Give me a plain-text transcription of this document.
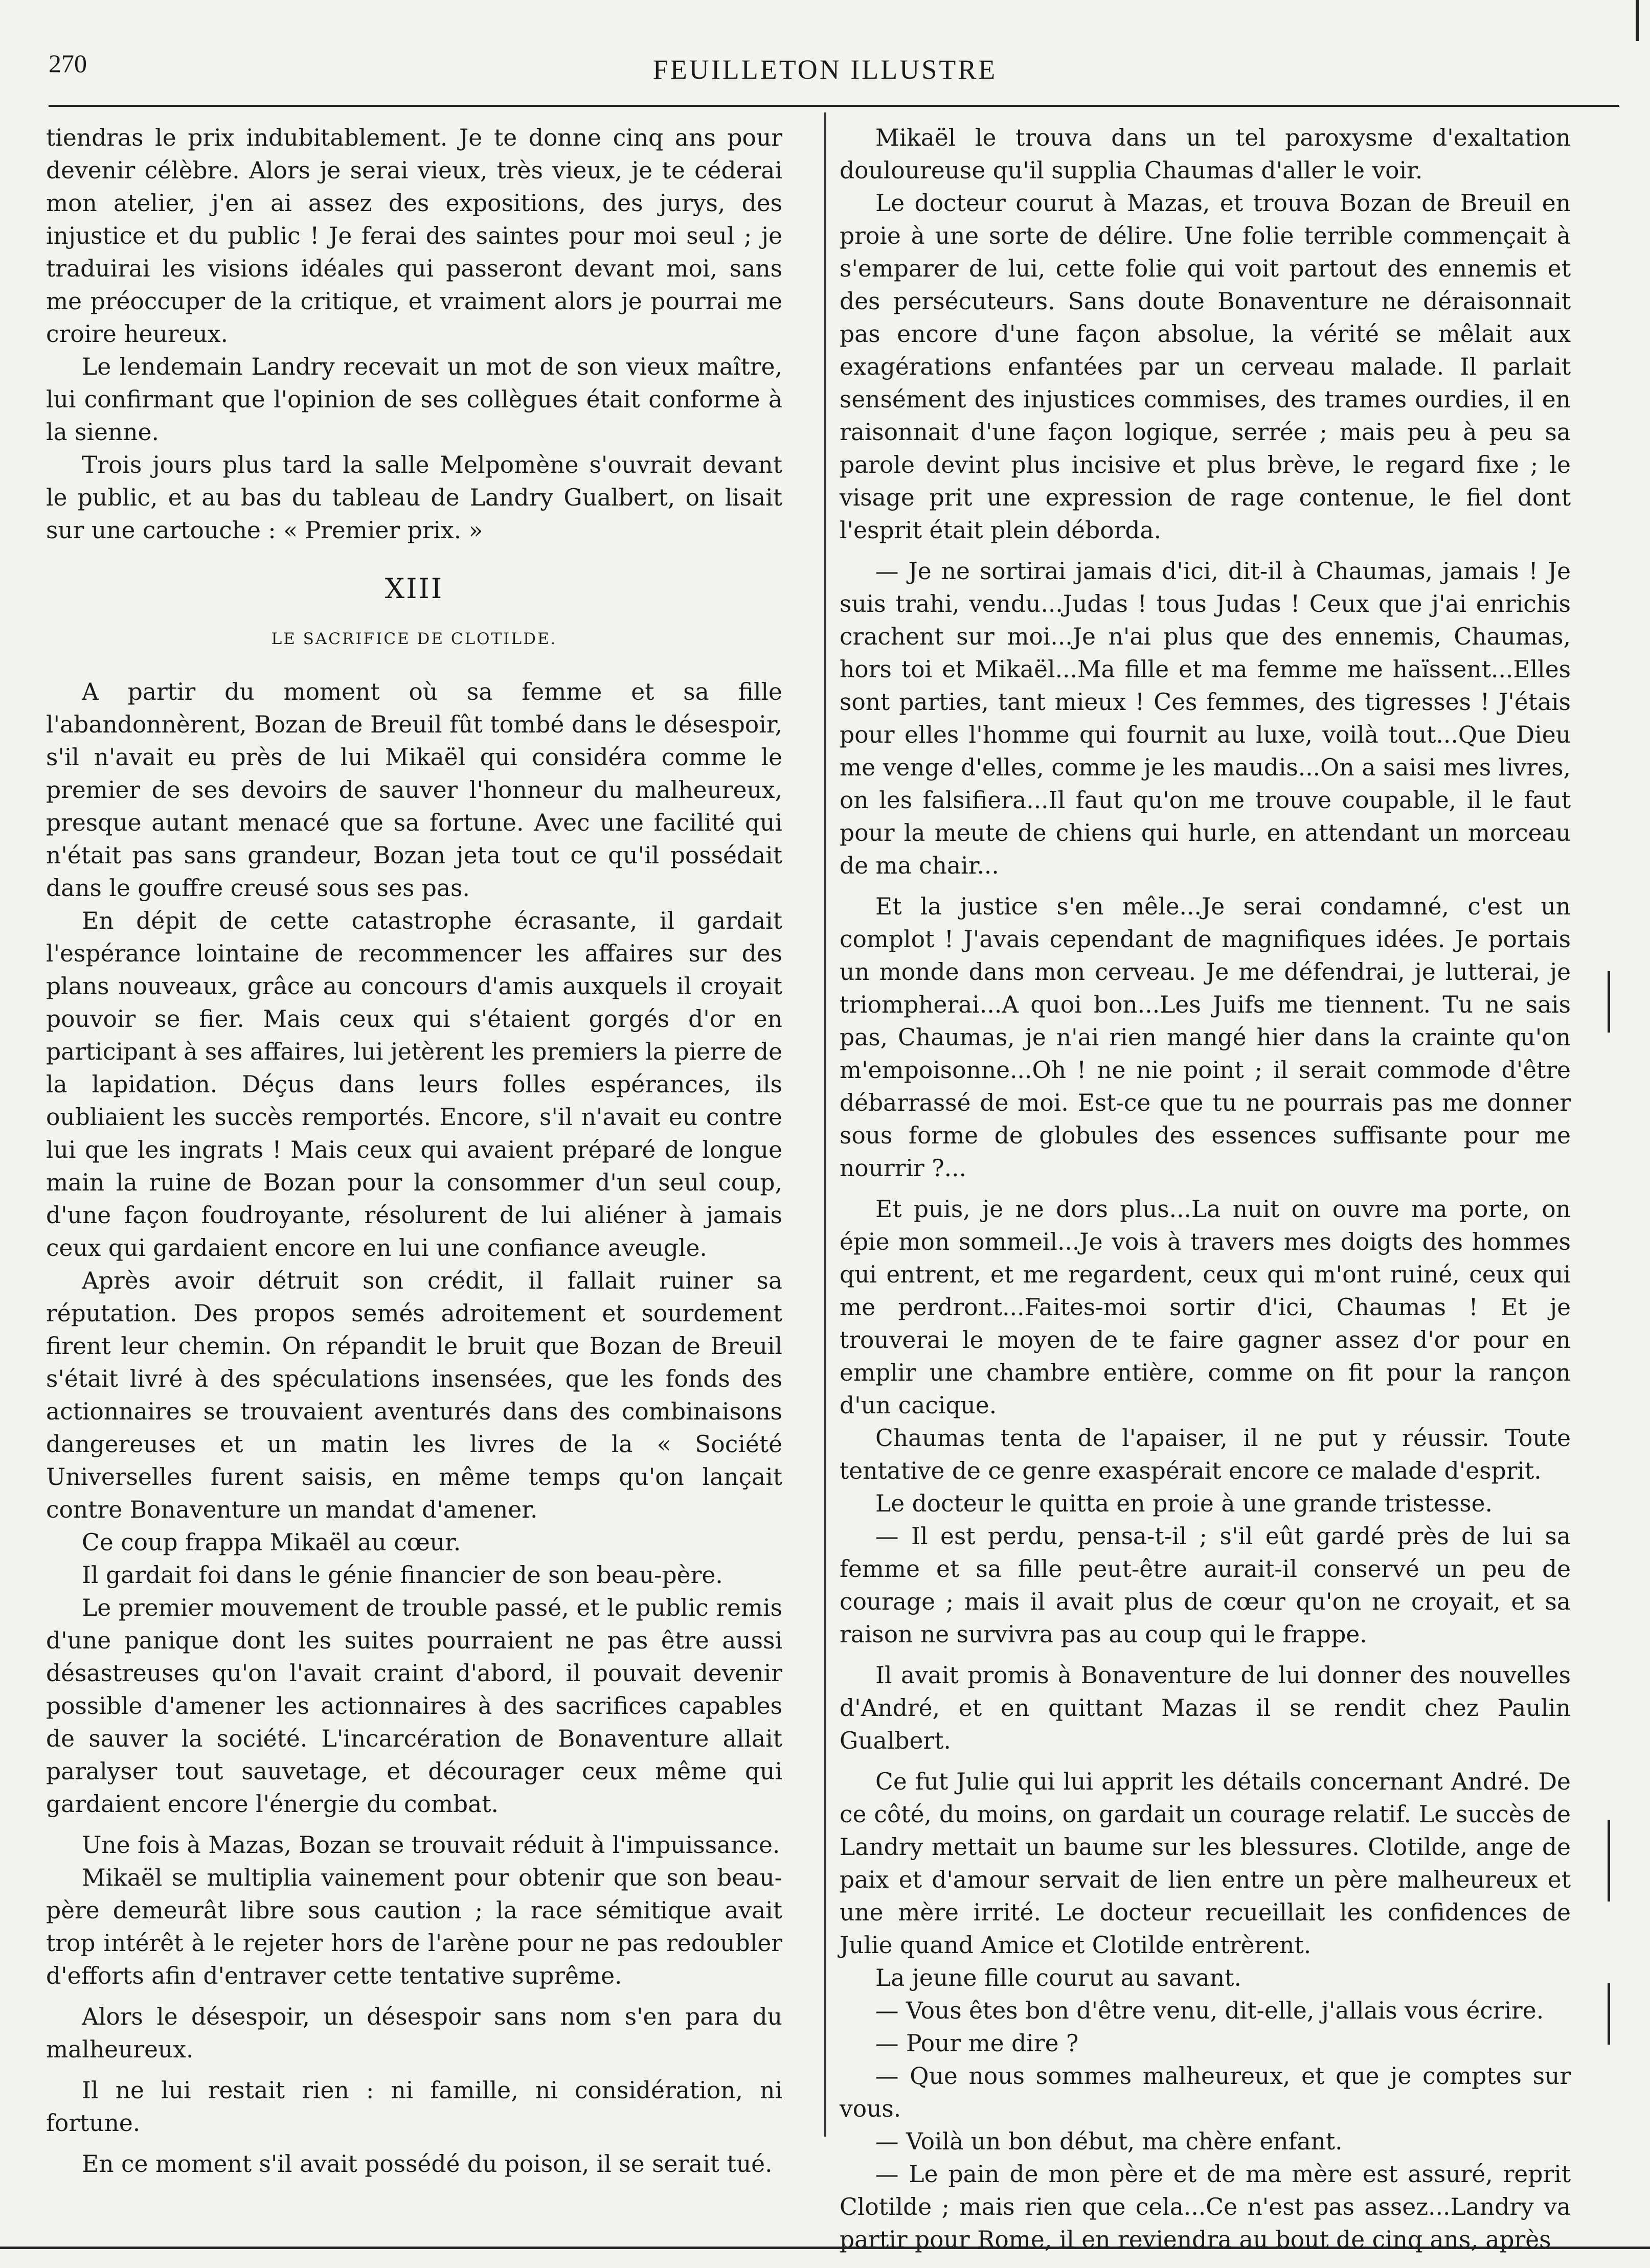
270	FEUILLETON ILLUSTRE

tiendras le prix indubitablement. Je te donne cinq ans pour devenir célèbre. Alors je serai vieux, très vieux, je te céderai mon atelier, j'en ai assez des expositions, des jurys, des injustice et du public ! Je ferai des saintes pour moi seul ; je traduirai les visions idéales qui passeront devant moi, sans me préoccuper de la critique, et vraiment alors je pourrai me croire heureux.

Le lendemain Landry recevait un mot de son vieux maître, lui confirmant que l'opinion de ses collègues était conforme à la sienne.

Trois jours plus tard la salle Melpomène s'ouvrait devant le public, et au bas du tableau de Landry Gualbert, on lisait sur une cartouche : « Premier prix. »

XIII
LE SACRIFICE DE CLOTILDE.

A partir du moment où sa femme et sa fille l'abandonnèrent, Bozan de Breuil fût tombé dans le désespoir, s'il n'avait eu près de lui Mikaël qui considéra comme le premier de ses devoirs de sauver l'honneur du malheureux, presque autant menacé que sa fortune. Avec une facilité qui n'était pas sans grandeur, Bozan jeta tout ce qu'il possédait dans le gouffre creusé sous ses pas.

En dépit de cette catastrophe écrasante, il gardait l'espérance lointaine de recommencer les affaires sur des plans nouveaux, grâce au concours d'amis auxquels il croyait pouvoir se fier. Mais ceux qui s'étaient gorgés d'or en participant à ses affaires, lui jetèrent les premiers la pierre de la lapidation. Déçus dans leurs folles espérances, ils oubliaient les succès remportés. Encore, s'il n'avait eu contre lui que les ingrats ! Mais ceux qui avaient préparé de longue main la ruine de Bozan pour la consommer d'un seul coup, d'une façon foudroyante, résolurent de lui aliéner à jamais ceux qui gardaient encore en lui une confiance aveugle.

Après avoir détruit son crédit, il fallait ruiner sa réputation. Des propos semés adroitement et sourdement firent leur chemin. On répandit le bruit que Bozan de Breuil s'était livré à des spéculations insensées, que les fonds des actionnaires se trouvaient aventurés dans des combinaisons dangereuses et un matin les livres de la « Société Universelles furent saisis, en même temps qu'on lançait contre Bonaventure un mandat d'amener.

Ce coup frappa Mikaël au cœur.

Il gardait foi dans le génie financier de son beau-père.

Le premier mouvement de trouble passé, et le public remis d'une panique dont les suites pourraient ne pas être aussi désastreuses qu'on l'avait craint d'abord, il pouvait devenir possible d'amener les actionnaires à des sacrifices capables de sauver la société. L'incarcération de Bonaventure allait paralyser tout sauvetage, et décourager ceux même qui gardaient encore l'énergie du combat.

Une fois à Mazas, Bozan se trouvait réduit à l'impuissance.

Mikaël se multiplia vainement pour obtenir que son beau-père demeurât libre sous caution ; la race sémitique avait trop intérêt à le rejeter hors de l'arène pour ne pas redoubler d'efforts afin d'entraver cette tentative suprême.

Alors le désespoir, un désespoir sans nom s'en para du malheureux.

Il ne lui restait rien : ni famille, ni considération, ni fortune.

En ce moment s'il avait possédé du poison, il se serait tué.

Mikaël le trouva dans un tel paroxysme d'exaltation douloureuse qu'il supplia Chaumas d'aller le voir.

Le docteur courut à Mazas, et trouva Bozan de Breuil en proie à une sorte de délire. Une folie terrible commençait à s'emparer de lui, cette folie qui voit partout des ennemis et des persécuteurs. Sans doute Bonaventure ne déraisonnait pas encore d'une façon absolue, la vérité se mêlait aux exagérations enfantées par un cerveau malade. Il parlait sensément des injustices commises, des trames ourdies, il en raisonnait d'une façon logique, serrée ; mais peu à peu sa parole devint plus incisive et plus brève, le regard fixe ; le visage prit une expression de rage contenue, le fiel dont l'esprit était plein déborda.

— Je ne sortirai jamais d'ici, dit-il à Chaumas, jamais ! Je suis trahi, vendu...Judas ! tous Judas ! Ceux que j'ai enrichis crachent sur moi...Je n'ai plus que des ennemis, Chaumas, hors toi et Mikaël...Ma fille et ma femme me haïssent...Elles sont parties, tant mieux ! Ces femmes, des tigresses ! J'étais pour elles l'homme qui fournit au luxe, voilà tout...Que Dieu me venge d'elles, comme je les maudis...On a saisi mes livres, on les falsifiera...Il faut qu'on me trouve coupable, il le faut pour la meute de chiens qui hurle, en attendant un morceau de ma chair...

Et la justice s'en mêle...Je serai condamné, c'est un complot ! J'avais cependant de magnifiques idées. Je portais un monde dans mon cerveau. Je me défendrai, je lutterai, je triompherai...A quoi bon...Les Juifs me tiennent. Tu ne sais pas, Chaumas, je n'ai rien mangé hier dans la crainte qu'on m'empoisonne...Oh ! ne nie point ; il serait commode d'être débarrassé de moi. Est-ce que tu ne pourrais pas me donner sous forme de globules des essences suffisante pour me nourrir ?...

Et puis, je ne dors plus...La nuit on ouvre ma porte, on épie mon sommeil...Je vois à travers mes doigts des hommes qui entrent, et me regardent, ceux qui m'ont ruiné, ceux qui me perdront...Faites-moi sortir d'ici, Chaumas ! Et je trouverai le moyen de te faire gagner assez d'or pour en emplir une chambre entière, comme on fit pour la rançon d'un cacique.

Chaumas tenta de l'apaiser, il ne put y réussir. Toute tentative de ce genre exaspérait encore ce malade d'esprit.

Le docteur le quitta en proie à une grande tristesse.

— Il est perdu, pensa-t-il ; s'il eût gardé près de lui sa femme et sa fille peut-être aurait-il conservé un peu de courage ; mais il avait plus de cœur qu'on ne croyait, et sa raison ne survivra pas au coup qui le frappe.

Il avait promis à Bonaventure de lui donner des nouvelles d'André, et en quittant Mazas il se rendit chez Paulin Gualbert.

Ce fut Julie qui lui apprit les détails concernant André. De ce côté, du moins, on gardait un courage relatif. Le succès de Landry mettait un baume sur les blessures. Clotilde, ange de paix et d'amour servait de lien entre un père malheureux et une mère irrité. Le docteur recueillait les confidences de Julie quand Amice et Clotilde entrèrent.

La jeune fille courut au savant.

— Vous êtes bon d'être venu, dit-elle, j'allais vous écrire.

— Pour me dire ?

— Que nous sommes malheureux, et que je comptes sur vous.

— Voilà un bon début, ma chère enfant.

— Le pain de mon père et de ma mère est assuré, reprit Clotilde ; mais rien que cela...Ce n'est pas assez...Landry va partir pour Rome, il en reviendra au bout de cinq ans, après
